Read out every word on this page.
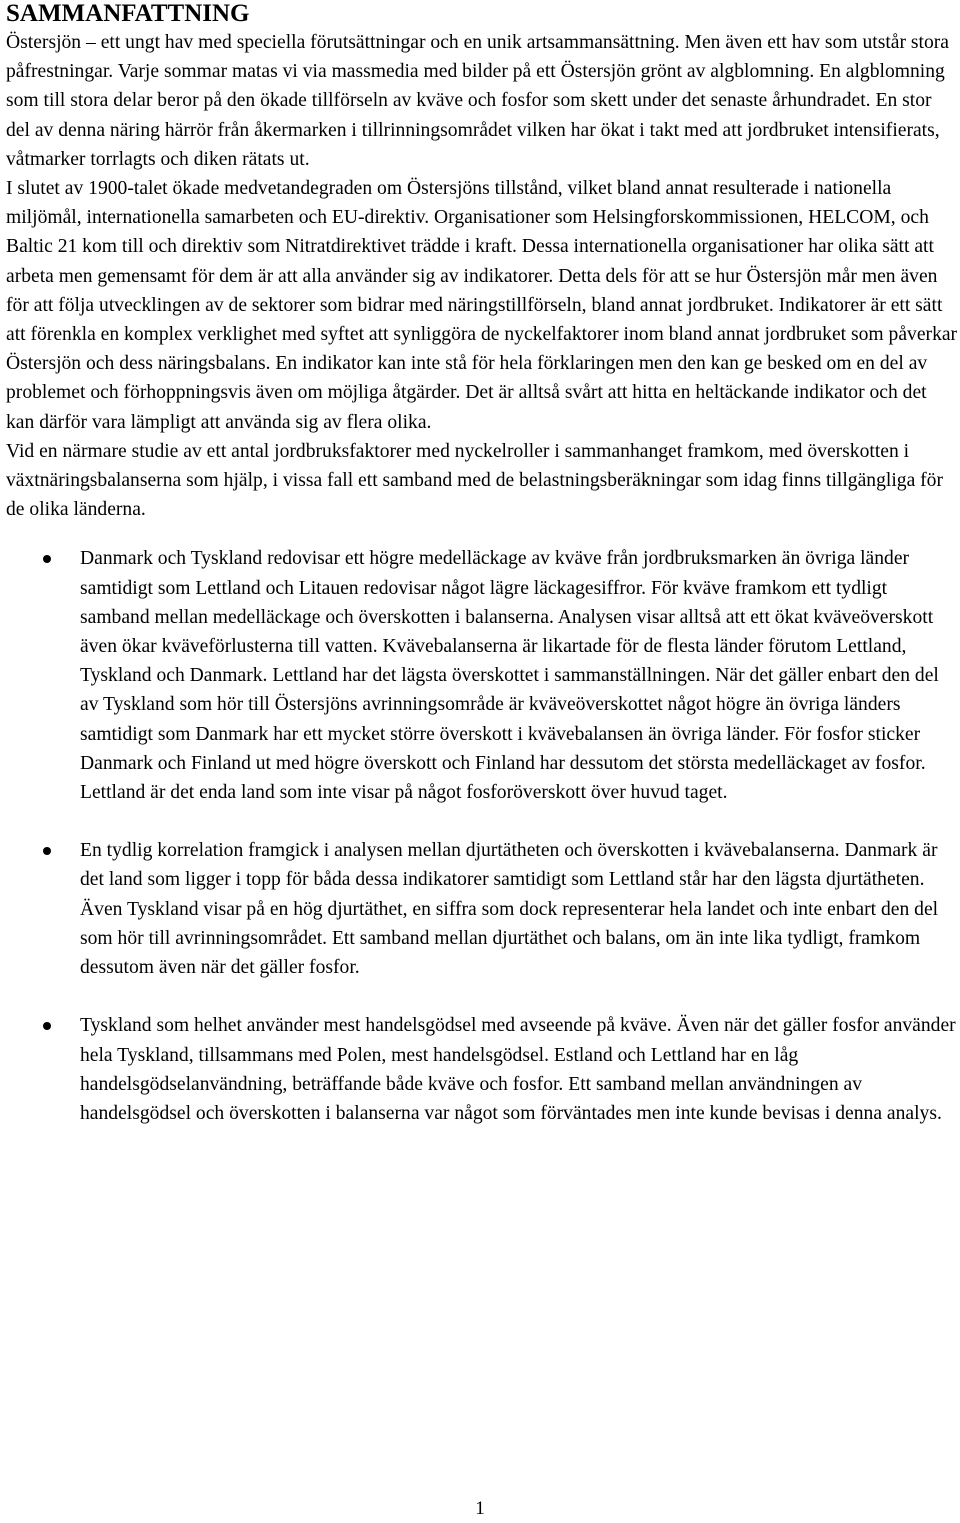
SAMMANFATTNING

Östersjön – ett ungt hav med speciella förutsättningar och en unik artsammansättning. Men även ett hav som utstår stora påfrestningar. Varje sommar matas vi via massmedia med bilder på ett Östersjön grönt av algblomning. En algblomning som till stora delar beror på den ökade tillförseln av kväve och fosfor som skett under det senaste århundradet. En stor del av denna näring härrör från åkermarken i tillrinningsområdet vilken har ökat i takt med att jordbruket intensifierats, våtmarker torrlagts och diken rätats ut.

I slutet av 1900-talet ökade medvetandegraden om Östersjöns tillstånd, vilket bland annat resulterade i nationella miljömål, internationella samarbeten och EU-direktiv. Organisationer som Helsingforskommissionen, HELCOM, och Baltic 21 kom till och direktiv som Nitratdirektivet trädde i kraft. Dessa internationella organisationer har olika sätt att arbeta men gemensamt för dem är att alla använder sig av indikatorer. Detta dels för att se hur Östersjön mår men även för att följa utvecklingen av de sektorer som bidrar med näringstillförseln, bland annat jordbruket. Indikatorer är ett sätt att förenkla en komplex verklighet med syftet att synliggöra de nyckelfaktorer inom bland annat jordbruket som påverkar Östersjön och dess näringsbalans. En indikator kan inte stå för hela förklaringen men den kan ge besked om en del av problemet och förhoppningsvis även om möjliga åtgärder. Det är alltså svårt att hitta en heltäckande indikator och det kan därför vara lämpligt att använda sig av flera olika.

Vid en närmare studie av ett antal jordbruksfaktorer med nyckelroller i sammanhanget framkom, med överskotten i växtnäringsbalanserna som hjälp, i vissa fall ett samband med de belastningsberäkningar som idag finns tillgängliga för de olika länderna.

Danmark och Tyskland redovisar ett högre medelläckage av kväve från jordbruksmarken än övriga länder samtidigt som Lettland och Litauen redovisar något lägre läckagesiffror. För kväve framkom ett tydligt samband mellan medelläckage och överskotten i balanserna. Analysen visar alltså att ett ökat kväveöverskott även ökar kväveförlusterna till vatten. Kvävebalanserna är likartade för de flesta länder förutom Lettland, Tyskland och Danmark. Lettland har det lägsta överskottet i sammanställningen. När det gäller enbart den del av Tyskland som hör till Östersjöns avrinningsområde är kväveöverskottet något högre än övriga länders samtidigt som Danmark har ett mycket större överskott i kvävebalansen än övriga länder. För fosfor sticker Danmark och Finland ut med högre överskott och Finland har dessutom det största medelläckaget av fosfor. Lettland är det enda land som inte visar på något fosforöverskott över huvud taget.
En tydlig korrelation framgick i analysen mellan djurtätheten och överskotten i kvävebalanserna. Danmark är det land som ligger i topp för båda dessa indikatorer samtidigt som Lettland står har den lägsta djurtätheten. Även Tyskland visar på en hög djurtäthet, en siffra som dock representerar hela landet och inte enbart den del som hör till avrinningsområdet. Ett samband mellan djurtäthet och balans, om än inte lika tydligt, framkom dessutom även när det gäller fosfor.
Tyskland som helhet använder mest handelsgödsel med avseende på kväve. Även när det gäller fosfor använder hela Tyskland, tillsammans med Polen, mest handelsgödsel. Estland och Lettland har en låg handelsgödselanvändning, beträffande både kväve och fosfor. Ett samband mellan användningen av handelsgödsel och överskotten i balanserna var något som förväntades men inte kunde bevisas i denna analys.
1
